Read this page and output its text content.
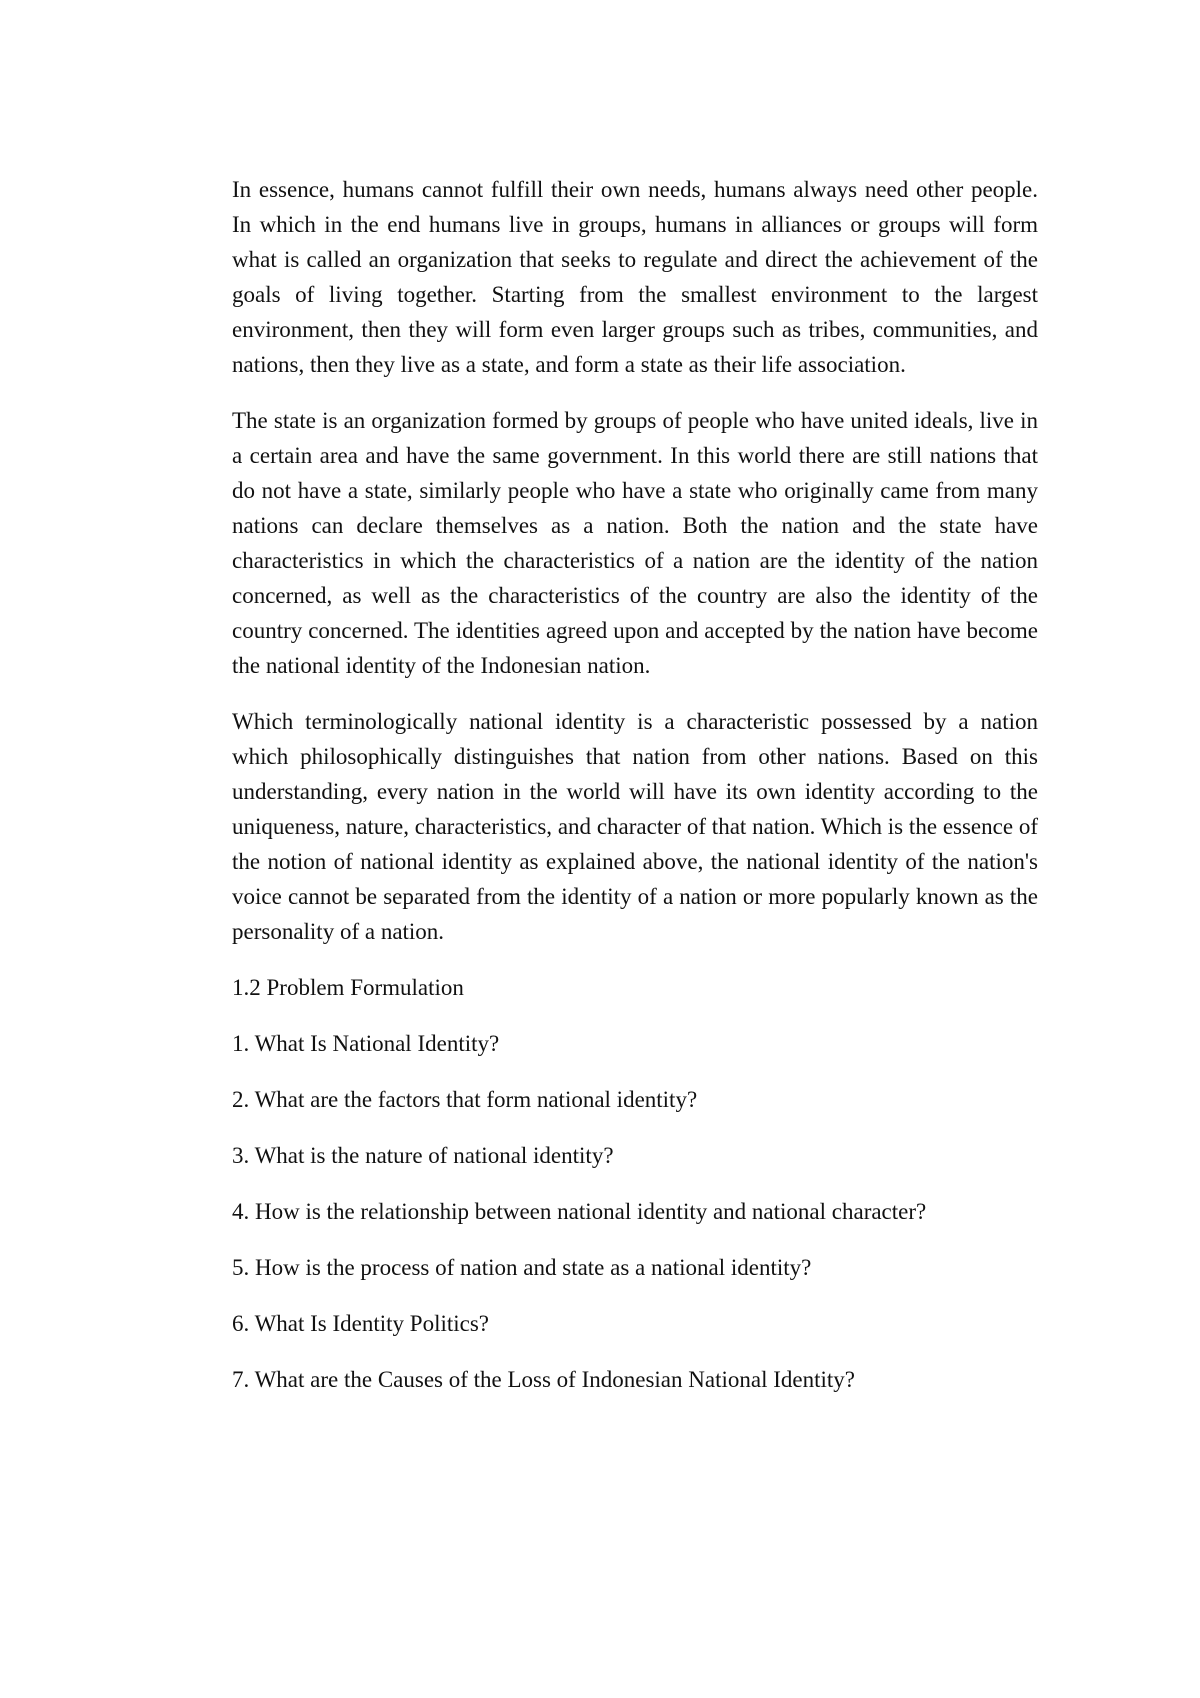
In essence, humans cannot fulfill their own needs, humans always need other people. In which in the end humans live in groups, humans in alliances or groups will form what is called an organization that seeks to regulate and direct the achievement of the goals of living together. Starting from the smallest environment to the largest environment, then they will form even larger groups such as tribes, communities, and nations, then they live as a state, and form a state as their life association.

The state is an organization formed by groups of people who have united ideals, live in a certain area and have the same government. In this world there are still nations that do not have a state, similarly people who have a state who originally came from many nations can declare themselves as a nation. Both the nation and the state have characteristics in which the characteristics of a nation are the identity of the nation concerned, as well as the characteristics of the country are also the identity of the country concerned. The identities agreed upon and accepted by the nation have become the national identity of the Indonesian nation.

Which terminologically national identity is a characteristic possessed by a nation which philosophically distinguishes that nation from other nations. Based on this understanding, every nation in the world will have its own identity according to the uniqueness, nature, characteristics, and character of that nation. Which is the essence of the notion of national identity as explained above, the national identity of the nation's voice cannot be separated from the identity of a nation or more popularly known as the personality of a nation.

1.2 Problem Formulation

1. What Is National Identity?
2. What are the factors that form national identity?
3. What is the nature of national identity?
4. How is the relationship between national identity and national character?
5. How is the process of nation and state as a national identity?
6. What Is Identity Politics?
7. What are the Causes of the Loss of Indonesian National Identity?
